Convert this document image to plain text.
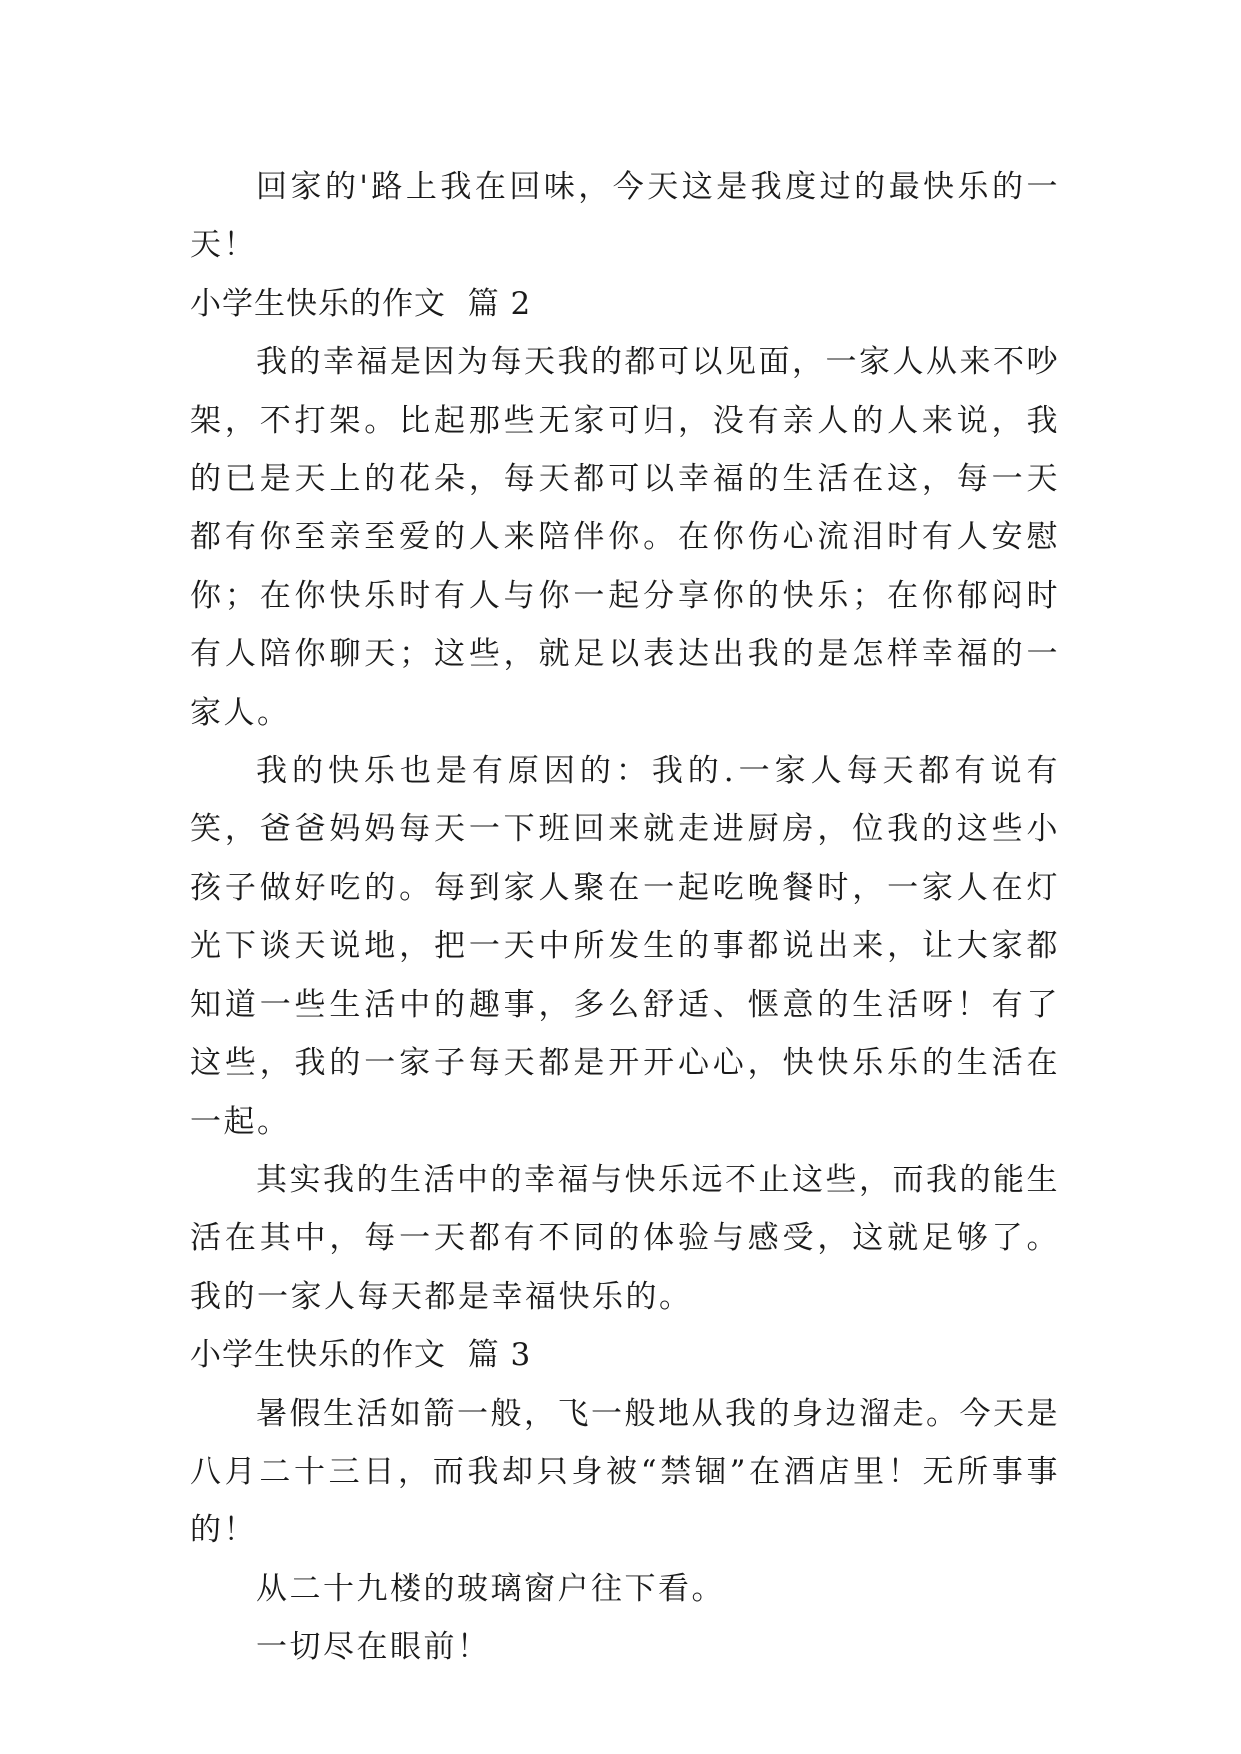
回家的'路上我在回味，今天这是我度过的最快乐的一天！

小学生快乐的作文  篇 2

我的幸福是因为每天我的都可以见面，一家人从来不吵架，不打架。比起那些无家可归，没有亲人的人来说，我的已是天上的花朵，每天都可以幸福的生活在这，每一天都有你至亲至爱的人来陪伴你。在你伤心流泪时有人安慰你；在你快乐时有人与你一起分享你的快乐；在你郁闷时有人陪你聊天；这些，就足以表达出我的是怎样幸福的一家人。

我的快乐也是有原因的：我的.一家人每天都有说有笑，爸爸妈妈每天一下班回来就走进厨房，位我的这些小孩子做好吃的。每到家人聚在一起吃晚餐时，一家人在灯光下谈天说地，把一天中所发生的事都说出来，让大家都知道一些生活中的趣事，多么舒适、惬意的生活呀！有了这些，我的一家子每天都是开开心心，快快乐乐的生活在一起。

其实我的生活中的幸福与快乐远不止这些，而我的能生活在其中，每一天都有不同的体验与感受，这就足够了。我的一家人每天都是幸福快乐的。

小学生快乐的作文  篇 3

暑假生活如箭一般，飞一般地从我的身边溜走。今天是八月二十三日，而我却只身被“禁锢”在酒店里！无所事事的！

从二十九楼的玻璃窗户往下看。

一切尽在眼前！
